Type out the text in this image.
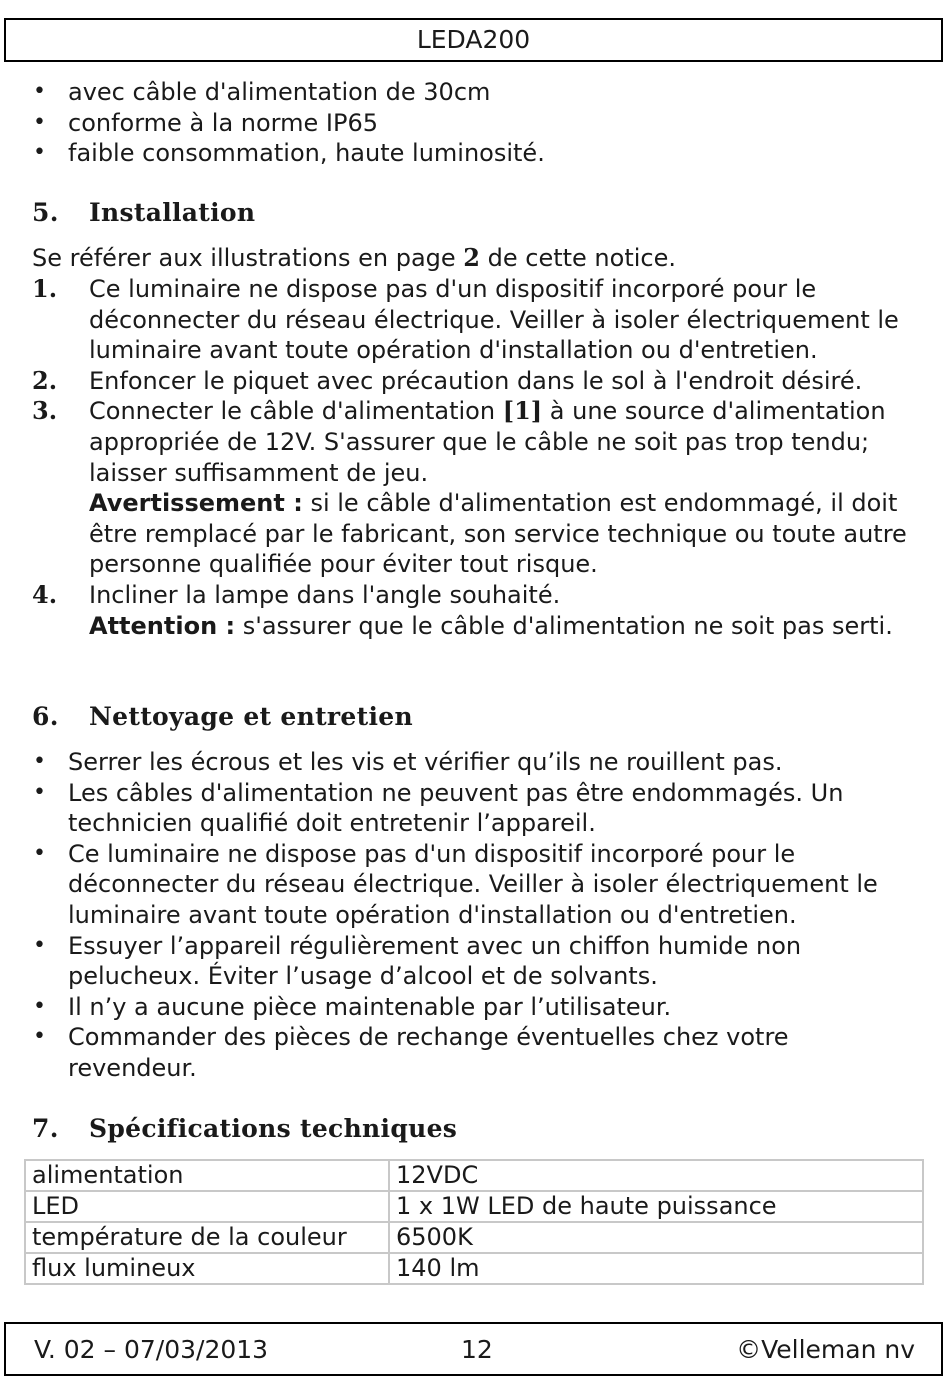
LEDA200
• avec câble d'alimentation de 30cm
• conforme à la norme IP65
• faible consommation, haute luminosité.
5. Installation
Se référer aux illustrations en page 2 de cette notice.
1. Ce luminaire ne dispose pas d'un dispositif incorporé pour le déconnecter du réseau électrique. Veiller à isoler électriquement le luminaire avant toute opération d'installation ou d'entretien.
2. Enfoncer le piquet avec précaution dans le sol à l'endroit désiré.
3. Connecter le câble d'alimentation [1] à une source d'alimentation appropriée de 12V. S'assurer que le câble ne soit pas trop tendu; laisser suffisamment de jeu.
Avertissement : si le câble d'alimentation est endommagé, il doit être remplacé par le fabricant, son service technique ou toute autre personne qualifiée pour éviter tout risque.
4. Incliner la lampe dans l'angle souhaité.
Attention : s'assurer que le câble d'alimentation ne soit pas serti.
6. Nettoyage et entretien
• Serrer les écrous et les vis et vérifier qu’ils ne rouillent pas.
• Les câbles d'alimentation ne peuvent pas être endommagés. Un technicien qualifié doit entretenir l’appareil.
• Ce luminaire ne dispose pas d'un dispositif incorporé pour le déconnecter du réseau électrique. Veiller à isoler électriquement le luminaire avant toute opération d'installation ou d'entretien.
• Essuyer l’appareil régulièrement avec un chiffon humide non pelucheux. Éviter l’usage d’alcool et de solvants.
• Il n’y a aucune pièce maintenable par l’utilisateur.
• Commander des pièces de rechange éventuelles chez votre revendeur.
7. Spécifications techniques
alimentation	12VDC
LED	1 x 1W LED de haute puissance
température de la couleur	6500K
flux lumineux	140 lm
V. 02 – 07/03/2013	12	©Velleman nv
